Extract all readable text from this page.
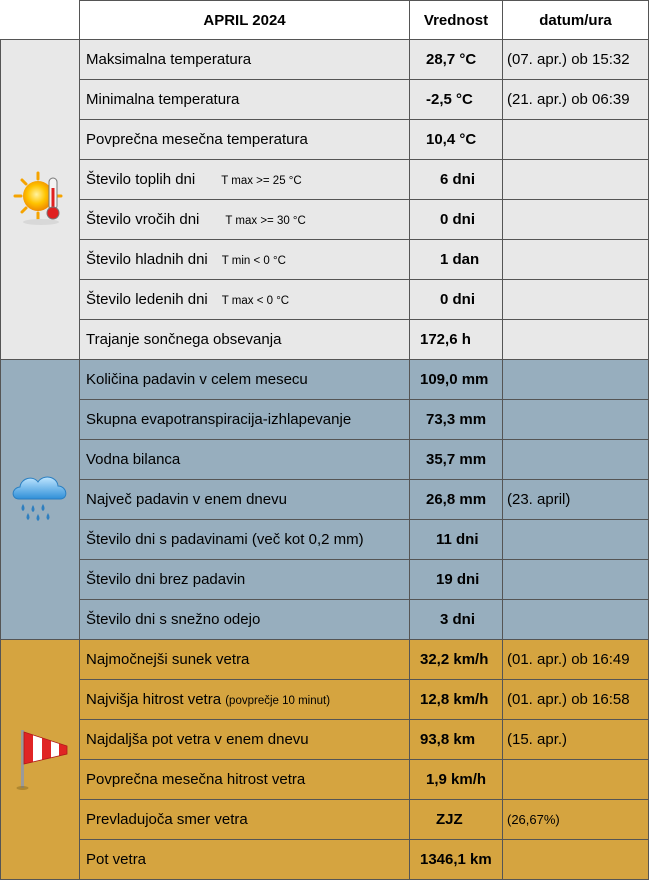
	APRIL 2024	Vrednost	datum/ura
	Maksimalna temperatura	28,7 °C	(07. apr.) ob 15:32
	Minimalna temperatura	-2,5 °C	(21. apr.) ob 06:39
	Povprečna mesečna temperatura	10,4 °C	
	Število toplih dni T max >= 25 °C	6 dni	
	Število vročih dni T max >= 30 °C	0 dni	
	Število hladnih dni T min < 0 °C	1 dan	
	Število ledenih dni T max < 0 °C	0 dni	
	Trajanje sončnega obsevanja	172,6 h	
	Količina padavin v celem mesecu	109,0 mm	
	Skupna evapotranspiracija-izhlapevanje	73,3 mm	
	Vodna bilanca	35,7 mm	
	Največ padavin v enem dnevu	26,8 mm	(23. april)
	Število dni s padavinami (več kot 0,2 mm)	11 dni	
	Število dni brez padavin	19 dni	
	Število dni s snežno odejo	3 dni	
	Najmočnejši sunek vetra	32,2 km/h	(01. apr.) ob 16:49
	Najvišja hitrost vetra (povprečje 10 minut)	12,8 km/h	(01. apr.) ob 16:58
	Najdaljša pot vetra v enem dnevu	93,8 km	(15. apr.)
	Povprečna mesečna hitrost vetra	1,9 km/h	
	Prevladujoča smer vetra	ZJZ	(26,67%)
	Pot vetra	1346,1 km	
